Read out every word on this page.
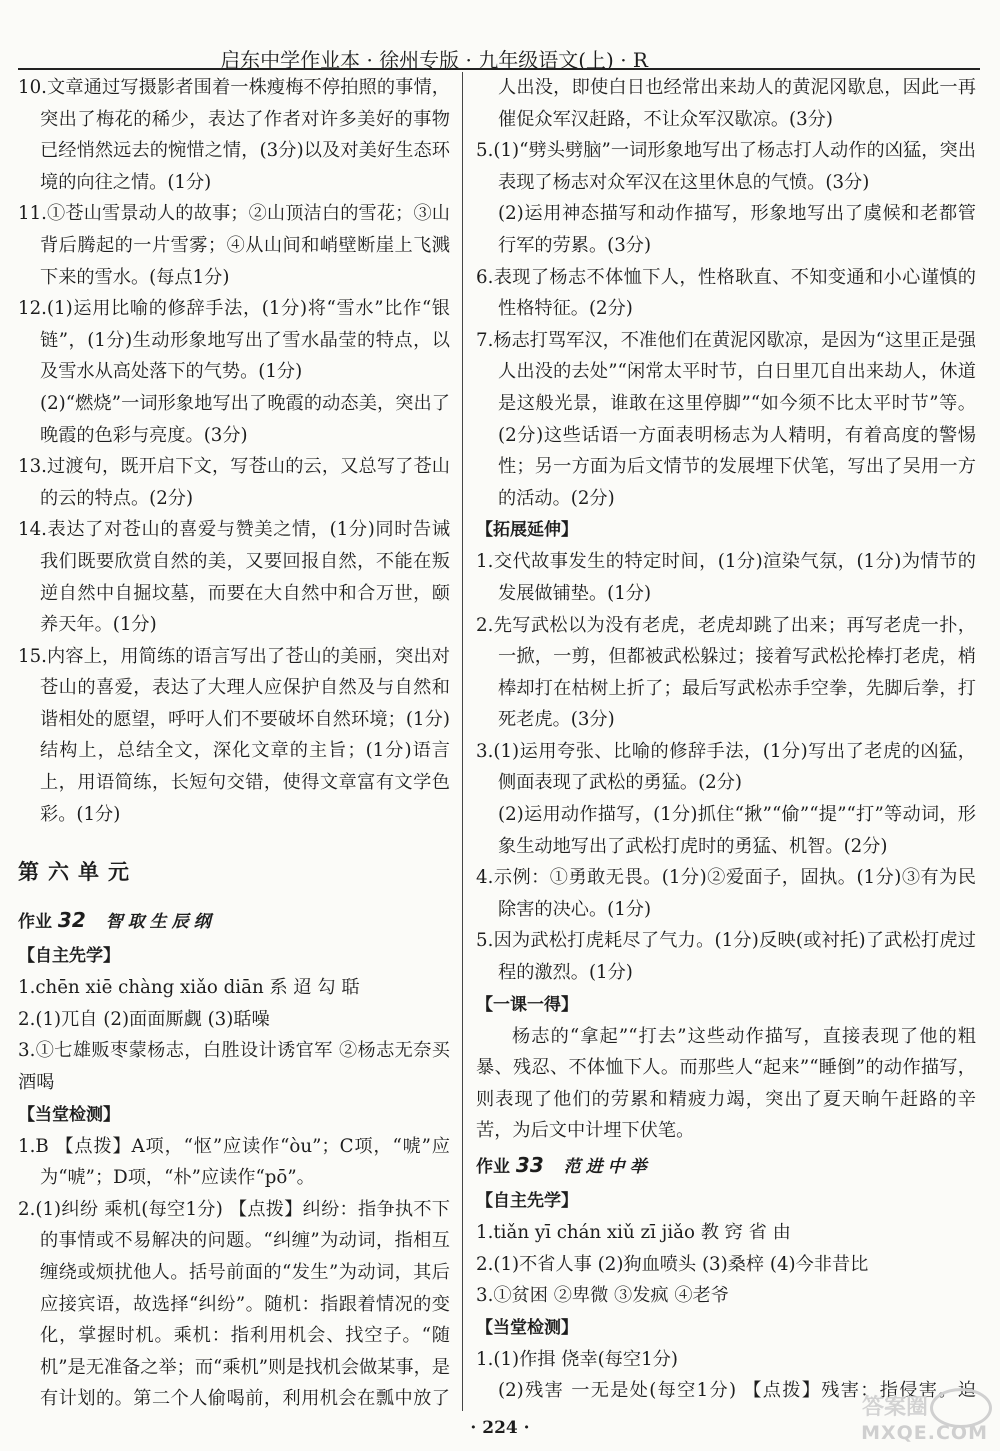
启东中学作业本 · 徐州专版 · 九年级语文(上) · R

10.文章通过写摄影者围着一株瘦梅不停拍照的事情，突出了梅花的稀少，表达了作者对许多美好的事物已经悄然远去的惋惜之情，(3分)以及对美好生态环境的向往之情。(1分)

11.①苍山雪景动人的故事；②山顶洁白的雪花；③山背后腾起的一片雪雾；④从山间和峭壁断崖上飞溅下来的雪水。(每点1分)

12.(1)运用比喻的修辞手法，(1分)将“雪水”比作“银链”，(1分)生动形象地写出了雪水晶莹的特点，以及雪水从高处落下的气势。(1分)

(2)“燃烧”一词形象地写出了晚霞的动态美，突出了晚霞的色彩与亮度。(3分)

13.过渡句，既开启下文，写苍山的云，又总写了苍山的云的特点。(2分)

14.表达了对苍山的喜爱与赞美之情，(1分)同时告诫我们既要欣赏自然的美，又要回报自然，不能在叛逆自然中自掘坟墓，而要在大自然中和合万世，颐养天年。(1分)

15.内容上，用简练的语言写出了苍山的美丽，突出对苍山的喜爱，表达了大理人应保护自然及与自然和谐相处的愿望，呼吁人们不要破坏自然环境；(1分)结构上，总结全文，深化文章的主旨；(1分)语言上，用语简练，长短句交错，使得文章富有文学色彩。(1分)

第六单元
作业 32 智取生辰纲

【自主先学】

1.chēn xiē chàng xiǎo diān 系 迢 勾 聒

2.(1)兀自 (2)面面厮觑 (3)聒噪

3.①七雄贩枣蒙杨志，白胜设计诱官军 ②杨志无奈买酒喝

【当堂检测】

1.B 【点拨】A项，“怄”应读作“òu”；C项，“唬”应为“唬”；D项，“朴”应读作“pō”。

2.(1)纠纷 乘机(每空1分) 【点拨】纠纷：指争执不下的事情或不易解决的问题。“纠缠”为动词，指相互缠绕或烦扰他人。括号前面的“发生”为动词，其后应接宾语，故选择“纠纷”。随机：指跟着情况的变化，掌握时机。乘机：指利用机会、找空子。“随机”是无准备之举；而“乘机”则是找机会做某事，是有计划的。第二个人偷喝前，利用机会在瓢中放了

人出没，即使白日也经常出来劫人的黄泥冈歇息，因此一再催促众军汉赶路，不让众军汉歇凉。(3分)

5.(1)“劈头劈脑”一词形象地写出了杨志打人动作的凶猛，突出表现了杨志对众军汉在这里休息的气愤。(3分)

(2)运用神态描写和动作描写，形象地写出了虞候和老都管行军的劳累。(3分)

6.表现了杨志不体恤下人，性格耿直、不知变通和小心谨慎的性格特征。(2分)

7.杨志打骂军汉，不准他们在黄泥冈歇凉，是因为“这里正是强人出没的去处”“闲常太平时节，白日里兀自出来劫人，休道是这般光景，谁敢在这里停脚”“如今须不比太平时节”等。(2分)这些话语一方面表明杨志为人精明，有着高度的警惕性；另一方面为后文情节的发展埋下伏笔，写出了吴用一方的活动。(2分)

【拓展延伸】

1.交代故事发生的特定时间，(1分)渲染气氛，(1分)为情节的发展做铺垫。(1分)

2.先写武松以为没有老虎，老虎却跳了出来；再写老虎一扑，一掀，一剪，但都被武松躲过；接着写武松抡棒打老虎，梢棒却打在枯树上折了；最后写武松赤手空拳，先脚后拳，打死老虎。(3分)

3.(1)运用夸张、比喻的修辞手法，(1分)写出了老虎的凶猛，侧面表现了武松的勇猛。(2分)

(2)运用动作描写，(1分)抓住“揪”“偷”“提”“打”等动词，形象生动地写出了武松打虎时的勇猛、机智。(2分)

4.示例：①勇敢无畏。(1分)②爱面子，固执。(1分)③有为民除害的决心。(1分)

5.因为武松打虎耗尽了气力。(1分)反映(或衬托)了武松打虎过程的激烈。(1分)

【一课一得】

杨志的“拿起”“打去”这些动作描写，直接表现了他的粗暴、残忍、不体恤下人。而那些人“起来”“睡倒”的动作描写，则表现了他们的劳累和精疲力竭，突出了夏天晌午赶路的辛苦，为后文中计埋下伏笔。

作业 33 范进中举

【自主先学】

1.tiǎn yī chán xiǔ zī jiǎo 教 窍 省 由

2.(1)不省人事 (2)狗血喷头 (3)桑梓 (4)今非昔比

3.①贫困 ②卑微 ③发疯 ④老爷

【当堂检测】

1.(1)作揖 侥幸(每空1分)

(2)残害 一无是处(每空1分) 【点拨】残害：指侵害。迫

· 224 ·
答案圈
MXQE.COM
